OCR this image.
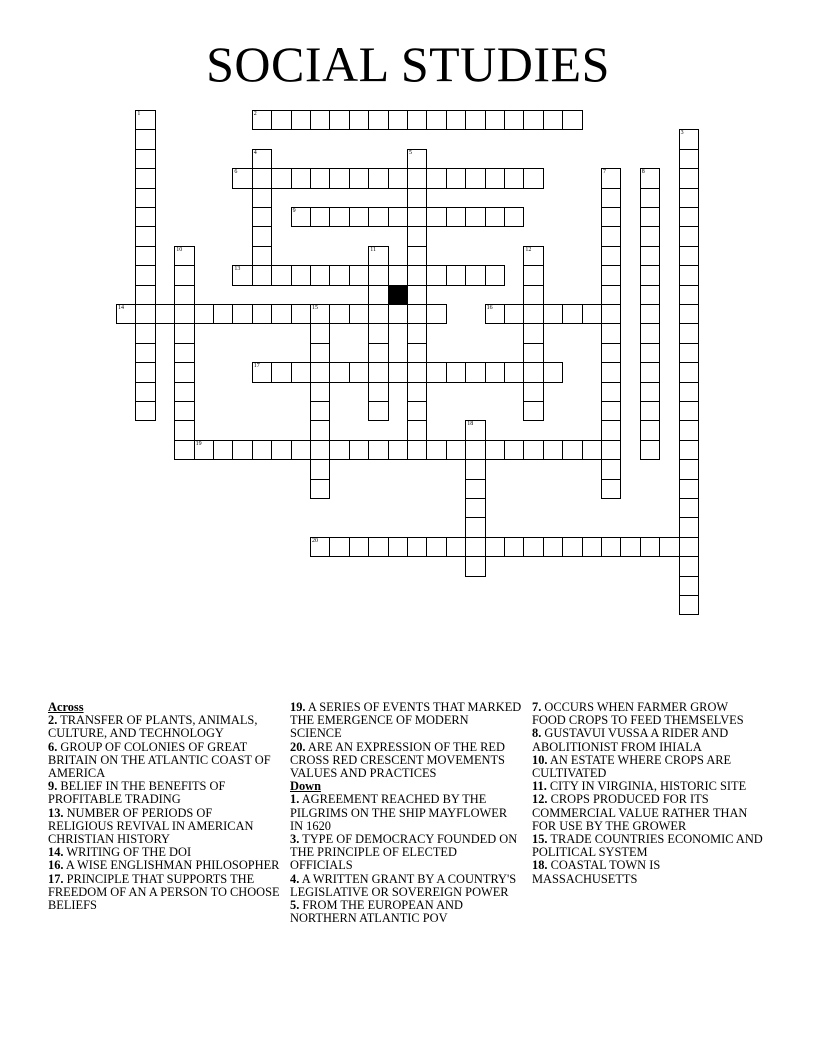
SOCIAL STUDIES
1	2
3
4	5
6	7	8
9
10	11	12
13
14	15	16
17
18
19
20

Across

2. TRANSFER OF PLANTS, ANIMALS, CULTURE, AND TECHNOLOGY

6. GROUP OF COLONIES OF GREAT BRITAIN ON THE ATLANTIC COAST OF AMERICA

9. BELIEF IN THE BENEFITS OF PROFITABLE TRADING

13. NUMBER OF PERIODS OF RELIGIOUS REVIVAL IN AMERICAN CHRISTIAN HISTORY

14. WRITING OF THE DOI

16. A WISE ENGLISHMAN PHILOSOPHER

17. PRINCIPLE THAT SUPPORTS THE FREEDOM OF AN A PERSON TO CHOOSE BELIEFS

19. A SERIES OF EVENTS THAT MARKED THE EMERGENCE OF MODERN SCIENCE

20. ARE AN EXPRESSION OF THE RED CROSS RED CRESCENT MOVEMENTS VALUES AND PRACTICES

Down

1. AGREEMENT REACHED BY THE PILGRIMS ON THE SHIP MAYFLOWER IN 1620

3. TYPE OF DEMOCRACY FOUNDED ON THE PRINCIPLE OF ELECTED OFFICIALS

4. A WRITTEN GRANT BY A COUNTRY'S LEGISLATIVE OR SOVEREIGN POWER

5. FROM THE EUROPEAN AND NORTHERN ATLANTIC POV

7. OCCURS WHEN FARMER GROW FOOD CROPS TO FEED THEMSELVES

8. GUSTAVUI VUSSA A RIDER AND ABOLITIONIST FROM IHIALA

10. AN ESTATE WHERE CROPS ARE CULTIVATED

11. CITY IN VIRGINIA, HISTORIC SITE

12. CROPS PRODUCED FOR ITS COMMERCIAL VALUE RATHER THAN FOR USE BY THE GROWER

15. TRADE COUNTRIES ECONOMIC AND POLITICAL SYSTEM

18. COASTAL TOWN IS MASSACHUSETTS
